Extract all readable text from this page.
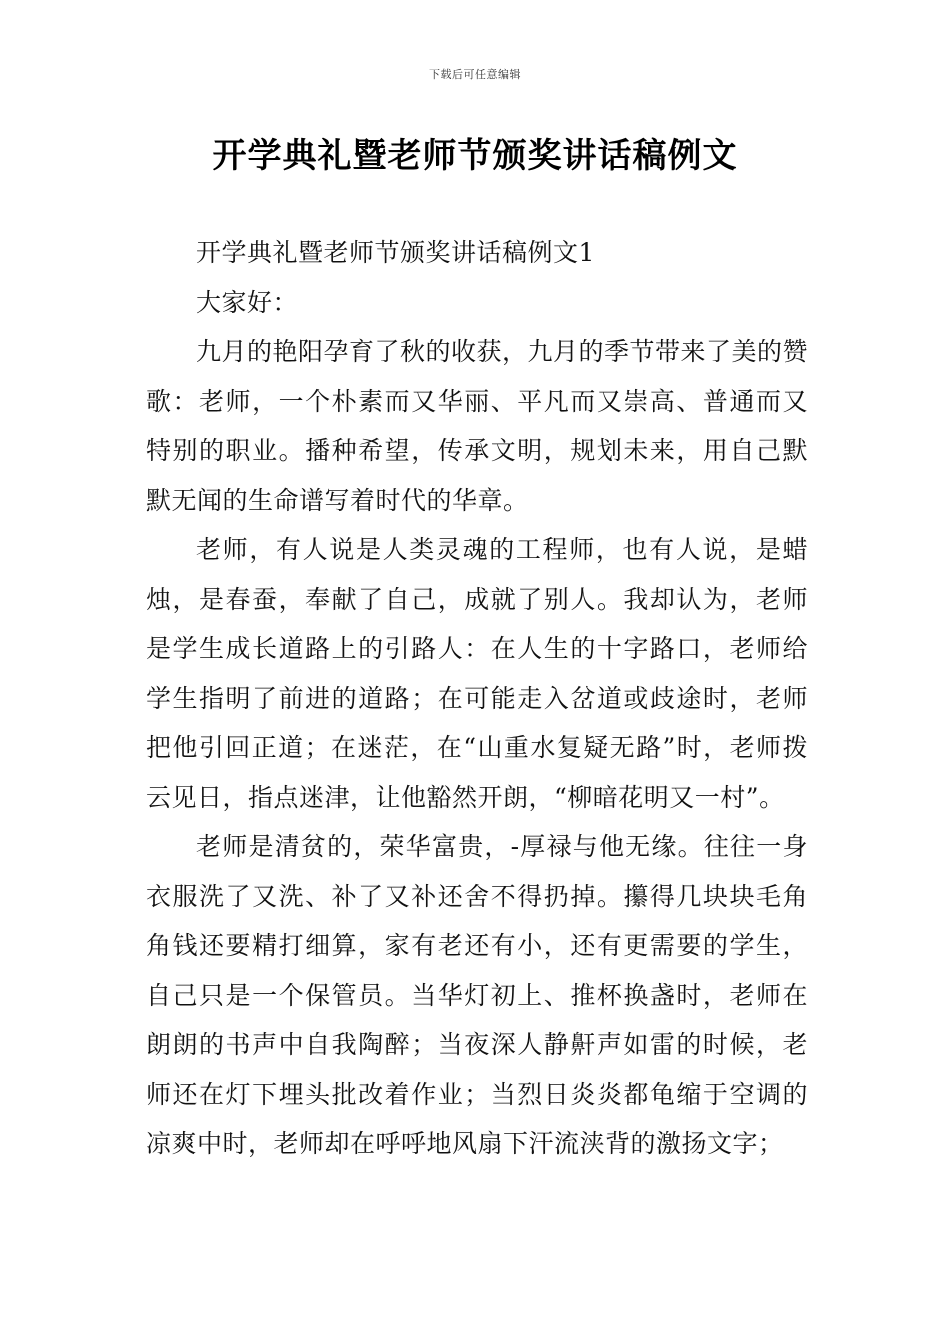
下载后可任意编辑
开学典礼暨老师节颁奖讲话稿例文

开学典礼暨老师节颁奖讲话稿例文1

大家好：

九月的艳阳孕育了秋的收获，九月的季节带来了美的赞歌：老师，一个朴素而又华丽、平凡而又崇高、普通而又特别的职业。播种希望，传承文明，规划未来，用自己默默无闻的生命谱写着时代的华章。

老师，有人说是人类灵魂的工程师，也有人说，是蜡烛，是春蚕，奉献了自己，成就了别人。我却认为，老师是学生成长道路上的引路人：在人生的十字路口，老师给学生指明了前进的道路；在可能走入岔道或歧途时，老师把他引回正道；在迷茫，在“山重水复疑无路”时，老师拨云见日，指点迷津，让他豁然开朗，“柳暗花明又一村”。

老师是清贫的，荣华富贵，-厚禄与他无缘。往往一身衣服洗了又洗、补了又补还舍不得扔掉。攥得几块块毛角角钱还要精打细算，家有老还有小，还有更需要的学生，自己只是一个保管员。当华灯初上、推杯换盏时，老师在朗朗的书声中自我陶醉；当夜深人静鼾声如雷的时候，老师还在灯下埋头批改着作业；当烈日炎炎都龟缩于空调的凉爽中时，老师却在呼呼地风扇下汗流浃背的激扬文字；
